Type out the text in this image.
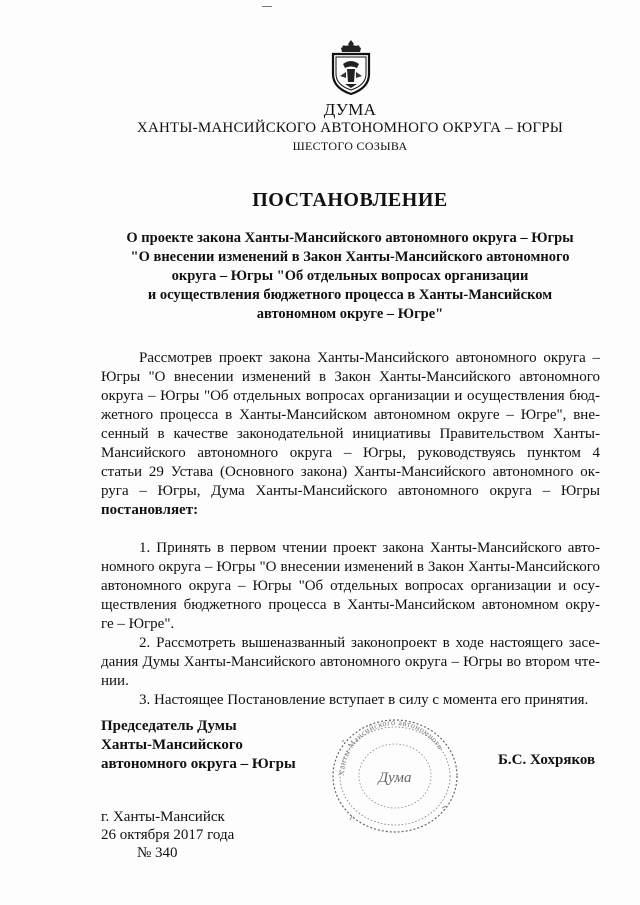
ДУМА
ХАНТЫ-МАНСИЙСКОГО АВТОНОМНОГО ОКРУГА – ЮГРЫ
ШЕСТОГО СОЗЫВА
ПОСТАНОВЛЕНИЕ
О проекте закона Ханты-Мансийского автономного округа – Югры
"О внесении изменений в Закон Ханты-Мансийского автономного
округа – Югры "Об отдельных вопросах организации
и осуществления бюджетного процесса в Ханты-Мансийском
автономном округе – Югре"

Рассмотрев проект закона Ханты-Мансийского автономного округа –
Югры "О внесении изменений в Закон Ханты-Мансийского автономного
округа – Югры "Об отдельных вопросах организации и осуществления бюд-
жетного процесса в Ханты-Мансийском автономном округе – Югре", вне-
сенный в качестве законодательной инициативы Правительством Ханты-
Мансийского автономного округа – Югры, руководствуясь пунктом 4
статьи 29 Устава (Основного закона) Ханты-Мансийского автономного ок-
руга – Югры, Дума Ханты-Мансийского автономного округа – Югры
постановляет:

1. Принять в первом чтении проект закона Ханты-Мансийского авто-
номного округа – Югры "О внесении изменений в Закон Ханты-Мансийского
автономного округа – Югры "Об отдельных вопросах организации и осу-
ществления бюджетного процесса в Ханты-Мансийском автономном окру-
ге – Югре".

2. Рассмотреть вышеназванный законопроект в ходе настоящего засе-
дания Думы Ханты-Мансийского автономного округа – Югры во втором чте-
нии.

3. Настоящее Постановление вступает в силу с момента его принятия.

Председатель Думы
Ханты-Мансийского
автономного округа – Югры
Ханты-Мансийского автономного
Дума
Б.С. Хохряков
г. Ханты-Мансийск
26 октября 2017 года
№ 340
